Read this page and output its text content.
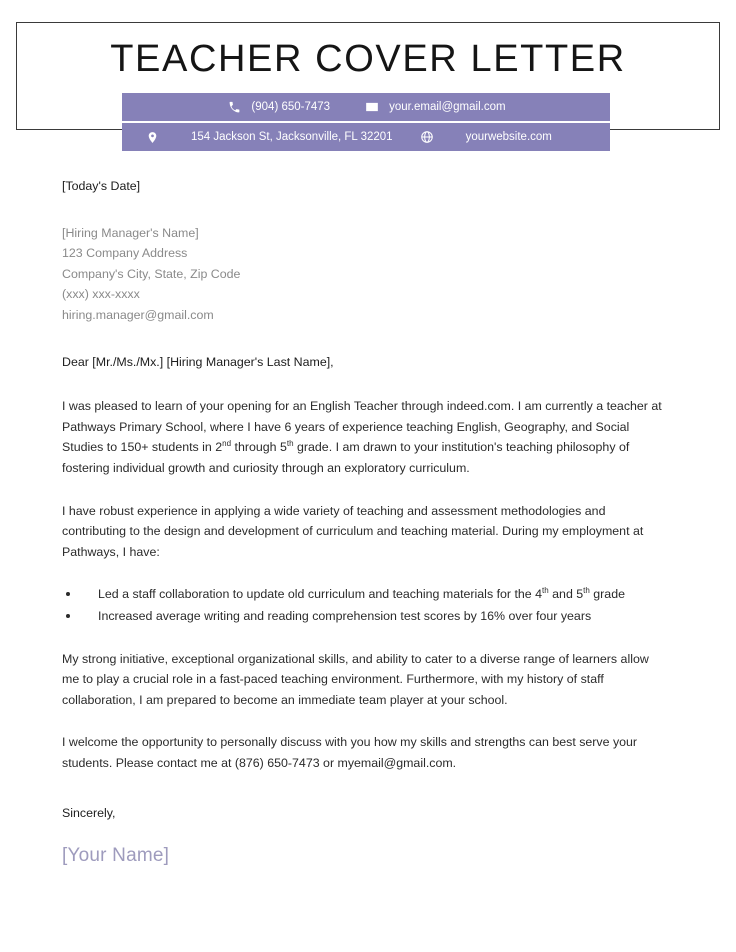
TEACHER COVER LETTER
(904) 650-7473	your.email@gmail.com
154 Jackson St, Jacksonville, FL 32201	yourwebsite.com
[Today's Date]
[Hiring Manager's Name]
123 Company Address
Company's City, State, Zip Code
(xxx) xxx-xxxx
hiring.manager@gmail.com
Dear [Mr./Ms./Mx.] [Hiring Manager's Last Name],

I was pleased to learn of your opening for an English Teacher through indeed.com. I am currently a teacher at Pathways Primary School, where I have 6 years of experience teaching English, Geography, and Social Studies to 150+ students in 2nd through 5th grade. I am drawn to your institution's teaching philosophy of fostering individual growth and curiosity through an exploratory curriculum.

I have robust experience in applying a wide variety of teaching and assessment methodologies and contributing to the design and development of curriculum and teaching material. During my employment at Pathways, I have:

Led a staff collaboration to update old curriculum and teaching materials for the 4th and 5th grade
Increased average writing and reading comprehension test scores by 16% over four years

My strong initiative, exceptional organizational skills, and ability to cater to a diverse range of learners allow me to play a crucial role in a fast-paced teaching environment. Furthermore, with my history of staff collaboration, I am prepared to become an immediate team player at your school.

I welcome the opportunity to personally discuss with you how my skills and strengths can best serve your students. Please contact me at (876) 650-7473 or myemail@gmail.com.

Sincerely,
[Your Name]
